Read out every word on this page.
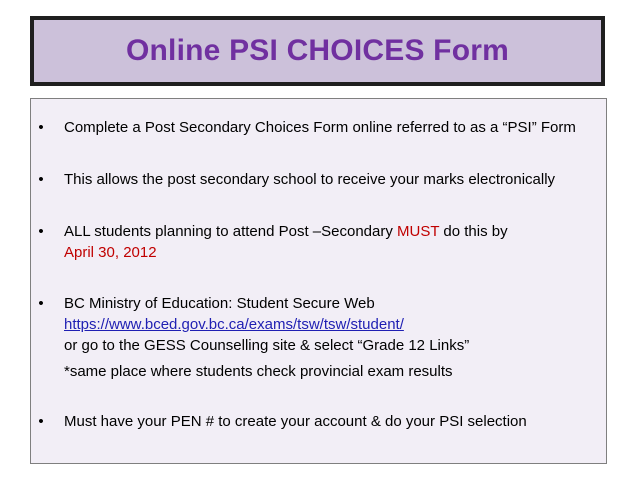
Online PSI CHOICES Form
•	Complete a Post Secondary Choices Form online referred to as a “PSI” Form
•	This allows the post secondary school to receive your marks electronically
•	ALL students planning to attend Post –Secondary MUST do this by
April 30, 2012
•	BC Ministry of Education: Student Secure Web
https://www.bced.gov.bc.ca/exams/tsw/tsw/student/
or go to the GESS Counselling site & select “Grade 12 Links”
*same place where students check provincial exam results
•	Must have your PEN # to create your account & do your PSI selection
